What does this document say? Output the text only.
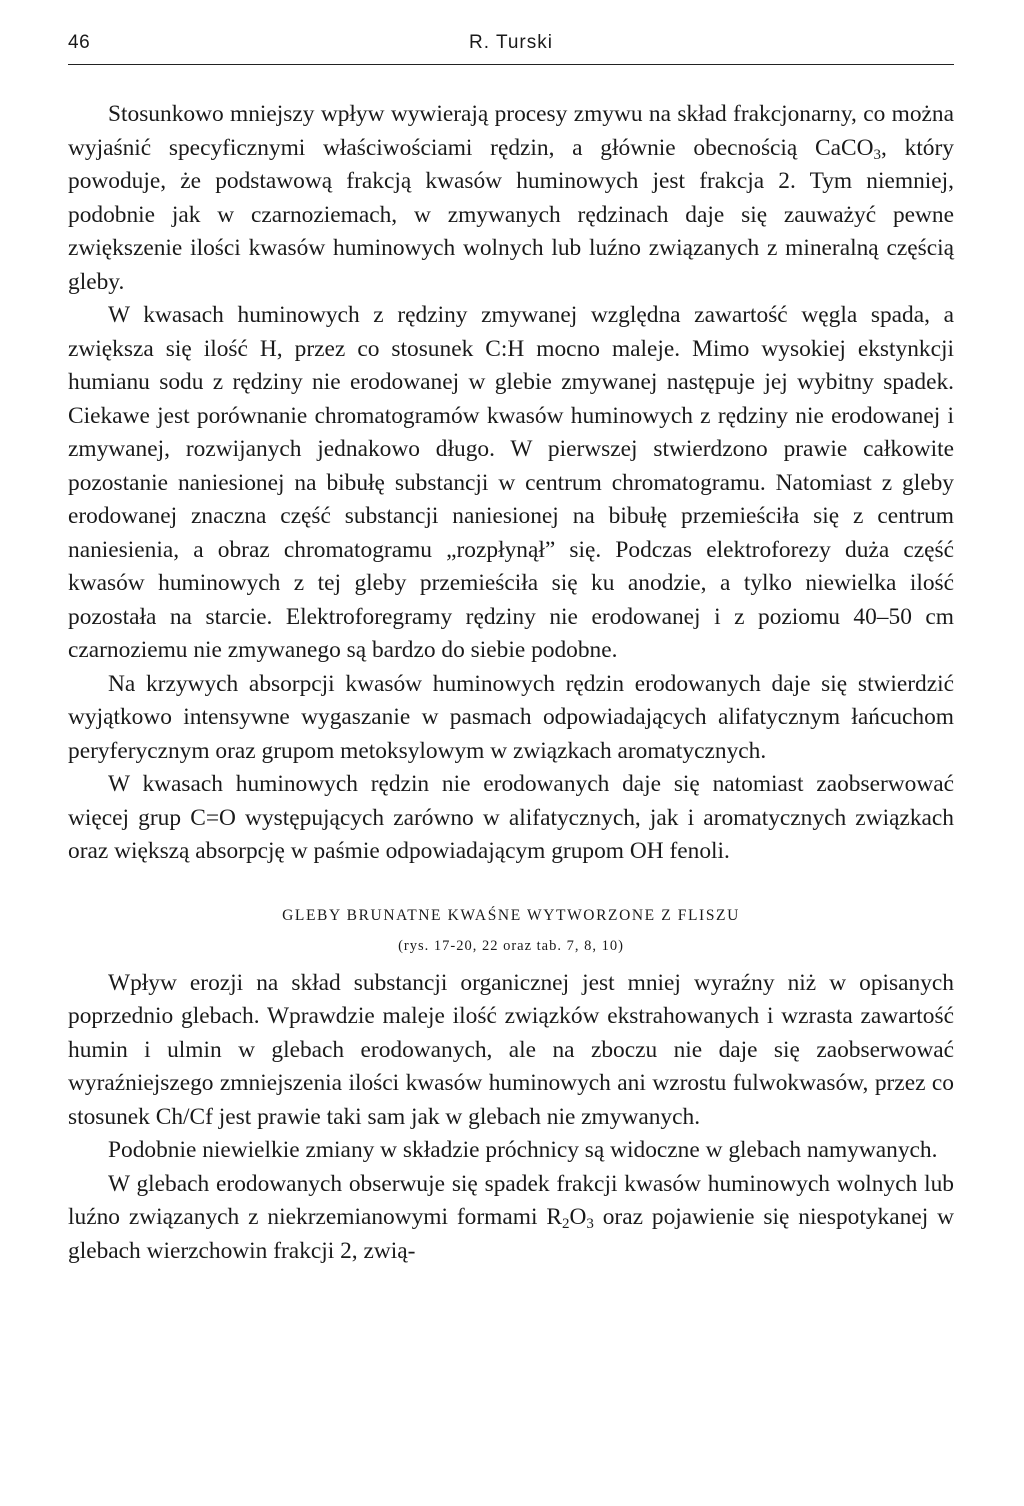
46	R. Turski

Stosunkowo mniejszy wpływ wywierają procesy zmywu na skład frakcjonarny, co można wyjaśnić specyficznymi właściwościami rędzin, a głównie obecnością CaCO$_3$, który powoduje, że podstawową frakcją kwasów huminowych jest frakcja 2. Tym niemniej, podobnie jak w czarnoziemach, w zmywanych rędzinach daje się zauważyć pewne zwiększenie ilości kwasów huminowych wolnych lub luźno związanych z mineralną częścią gleby.

W kwasach huminowych z rędziny zmywanej względna zawartość węgla spada, a zwiększa się ilość H, przez co stosunek C:H mocno maleje. Mimo wysokiej ekstynkcji humianu sodu z rędziny nie erodowanej w glebie zmywanej następuje jej wybitny spadek. Ciekawe jest porównanie chromatogramów kwasów huminowych z rędziny nie erodowanej i zmywanej, rozwijanych jednakowo długo. W pierwszej stwierdzono prawie całkowite pozostanie naniesionej na bibułę substancji w centrum chromatogramu. Natomiast z gleby erodowanej znaczna część substancji naniesionej na bibułę przemieściła się z centrum naniesienia, a obraz chromatogramu „rozpłynął” się. Podczas elektroforezy duża część kwasów huminowych z tej gleby przemieściła się ku anodzie, a tylko niewielka ilość pozostała na starcie. Elektroforegramy rędziny nie erodowanej i z poziomu 40–50 cm czarnoziemu nie zmywanego są bardzo do siebie podobne.

Na krzywych absorpcji kwasów huminowych rędzin erodowanych daje się stwierdzić wyjątkowo intensywne wygaszanie w pasmach odpowiadających alifatycznym łańcuchom peryferycznym oraz grupom metoksylowym w związkach aromatycznych.

W kwasach huminowych rędzin nie erodowanych daje się natomiast zaobserwować więcej grup C=O występujących zarówno w alifatycznych, jak i aromatycznych związkach oraz większą absorpcję w paśmie odpowiadającym grupom OH fenoli.

GLEBY BRUNATNE KWAŚNE WYTWORZONE Z FLISZU
(rys. 17-20, 22 oraz tab. 7, 8, 10)

Wpływ erozji na skład substancji organicznej jest mniej wyraźny niż w opisanych poprzednio glebach. Wprawdzie maleje ilość związków ekstrahowanych i wzrasta zawartość humin i ulmin w glebach erodowanych, ale na zboczu nie daje się zaobserwować wyraźniejszego zmniejszenia ilości kwasów huminowych ani wzrostu fulwokwasów, przez co stosunek Ch/Cf jest prawie taki sam jak w glebach nie zmywanych.

Podobnie niewielkie zmiany w składzie próchnicy są widoczne w glebach namywanych.

W glebach erodowanych obserwuje się spadek frakcji kwasów huminowych wolnych lub luźno związanych z niekrzemianowymi formami $R_2O_3$ oraz pojawienie się niespotykanej w glebach wierzchowin frakcji 2, zwią-
